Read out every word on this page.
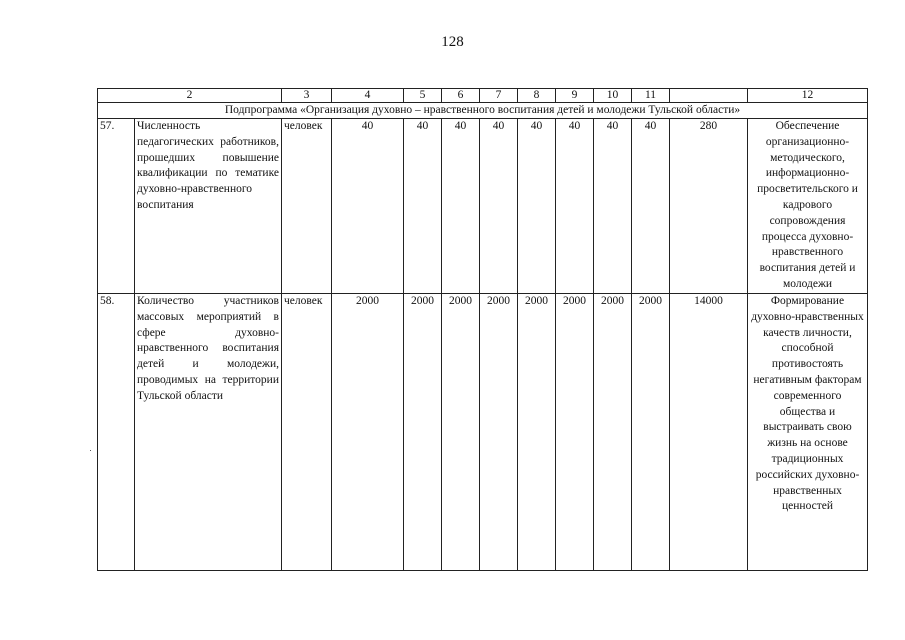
128
2		3	4	5	6	7	8	9	10	11		12
Подпрограмма «Организация духовно – нравственного воспитания детей и молодежи Тульской области»												
57.	Численность педагогических работников, прошедших повышение квалификации по тематике духовно-нравственного воспитания	человек	40	40	40	40	40	40	40	40	280	Обеспечение организационно-методического, информационно-просветительского и кадрового сопровождения процесса духовно-нравственного воспитания детей и молодежи
58.	Количество участников массовых мероприятий в сфере духовно-нравственного воспитания детей и молодежи, проводимых на территории Тульской области	человек	2000	2000	2000	2000	2000	2000	2000	2000	14000	Формирование духовно-нравственных качеств личности, способной противостоять негативным факторам современного общества и выстраивать свою жизнь на основе традиционных российских духовно-нравственных ценностей
